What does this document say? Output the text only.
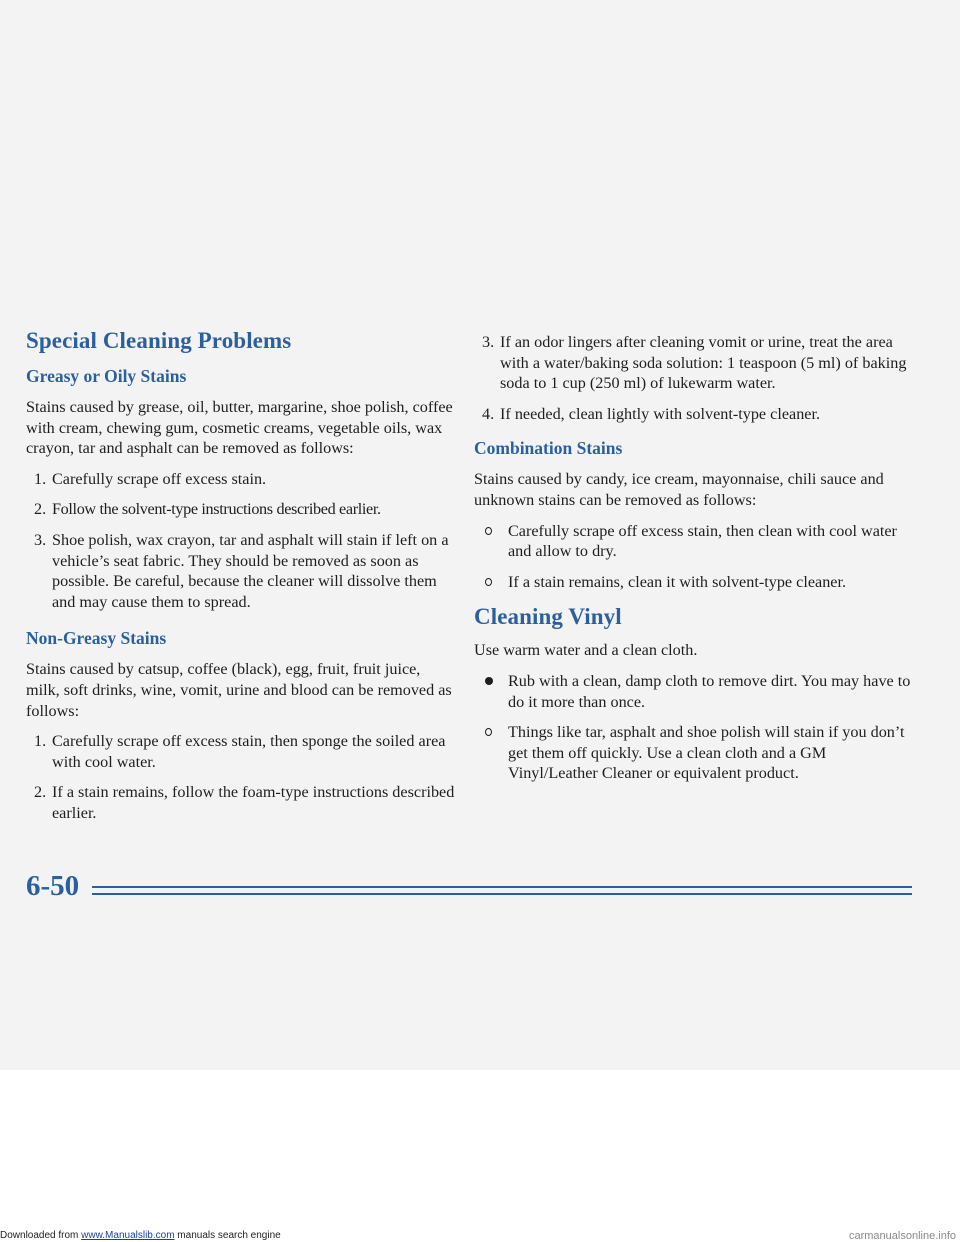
Special Cleaning Problems
Greasy or Oily Stains
Stains caused by grease, oil, butter, margarine, shoe polish, coffee with cream, chewing gum, cosmetic creams, vegetable oils, wax crayon, tar and asphalt can be removed as follows:
1. Carefully scrape off excess stain.
2. Follow the solvent-type instructions described earlier.
3. Shoe polish, wax crayon, tar and asphalt will stain if left on a vehicle’s seat fabric. They should be removed as soon as possible. Be careful, because the cleaner will dissolve them and may cause them to spread.
Non-Greasy Stains
Stains caused by catsup, coffee (black), egg, fruit, fruit juice, milk, soft drinks, wine, vomit, urine and blood can be removed as follows:
1. Carefully scrape off excess stain, then sponge the soiled area with cool water.
2. If a stain remains, follow the foam-type instructions described earlier.
3. If an odor lingers after cleaning vomit or urine, treat the area with a water/baking soda solution: 1 teaspoon (5 ml) of baking soda to 1 cup (250 ml) of lukewarm water.
4. If needed, clean lightly with solvent-type cleaner.
Combination Stains
Stains caused by candy, ice cream, mayonnaise, chili sauce and unknown stains can be removed as follows:
Carefully scrape off excess stain, then clean with cool water and allow to dry.
If a stain remains, clean it with solvent-type cleaner.
Cleaning Vinyl
Use warm water and a clean cloth.
Rub with a clean, damp cloth to remove dirt. You may have to do it more than once.
Things like tar, asphalt and shoe polish will stain if you don’t get them off quickly. Use a clean cloth and a GM Vinyl/Leather Cleaner or equivalent product.
6-50
Downloaded from www.Manualslib.com manuals search engine	carmanualsonline.info
